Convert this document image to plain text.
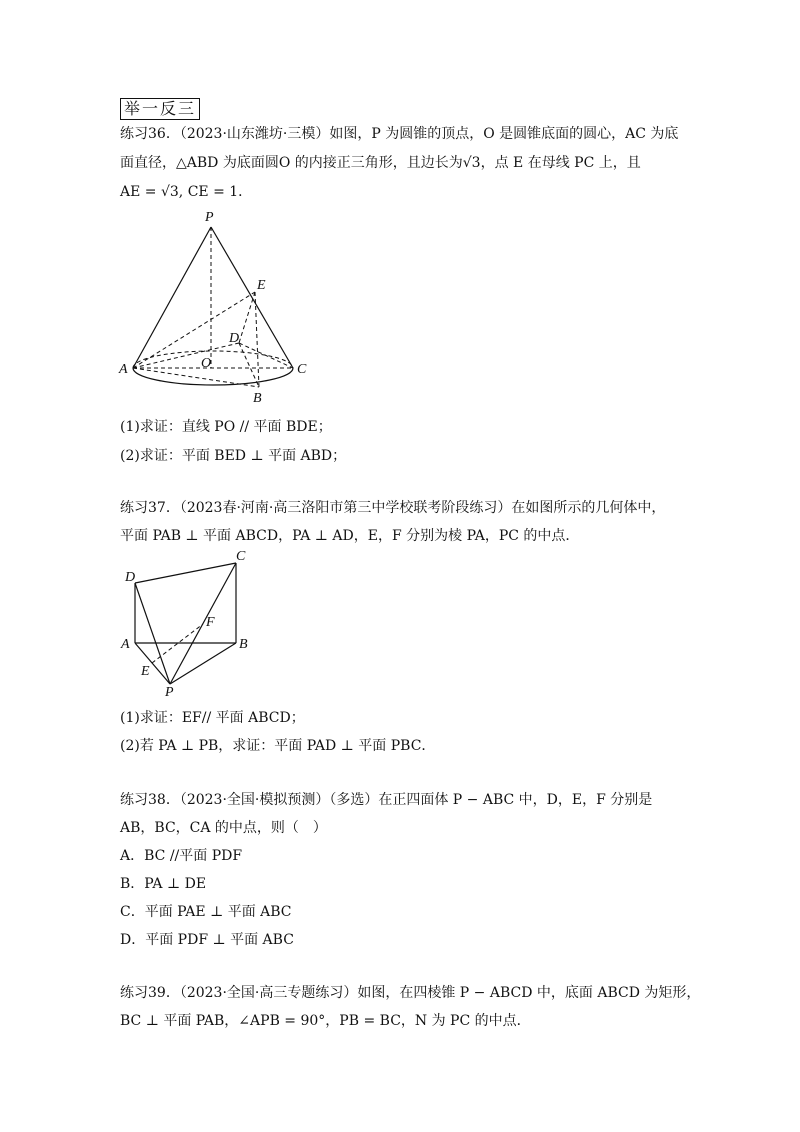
举一反三
练习36．（2023·山东潍坊·三模）如图，P 为圆锥的顶点，O 是圆锥底面的圆心，AC 为底
面直径，△ABD 为底面圆O 的内接正三角形，且边长为√3，点 E 在母线 PC 上，且
AE = √3, CE = 1．
P
E
D
A	O	C
B
(1)求证：直线 PO // 平面 BDE；
(2)求证：平面 BED ⊥ 平面 ABD；
练习37．（2023春·河南·高三洛阳市第三中学校联考阶段练习）在如图所示的几何体中，
平面 PAB ⊥ 平面 ABCD，PA ⊥ AD，E，F 分别为棱 PA，PC 的中点．
C
D
F
A	B
E
P
(1)求证：EF// 平面 ABCD；
(2)若 PA ⊥ PB，求证：平面 PAD ⊥ 平面 PBC．
练习38．（2023·全国·模拟预测）（多选）在正四面体 P − ABC 中，D，E，F 分别是
AB，BC，CA 的中点，则（　）
A．BC //平面 PDF
B．PA ⊥ DE
C．平面 PAE ⊥ 平面 ABC
D．平面 PDF ⊥ 平面 ABC
练习39．（2023·全国·高三专题练习）如图，在四棱锥 P − ABCD 中，底面 ABCD 为矩形，
BC ⊥ 平面 PAB，∠APB = 90°，PB = BC，N 为 PC 的中点．
